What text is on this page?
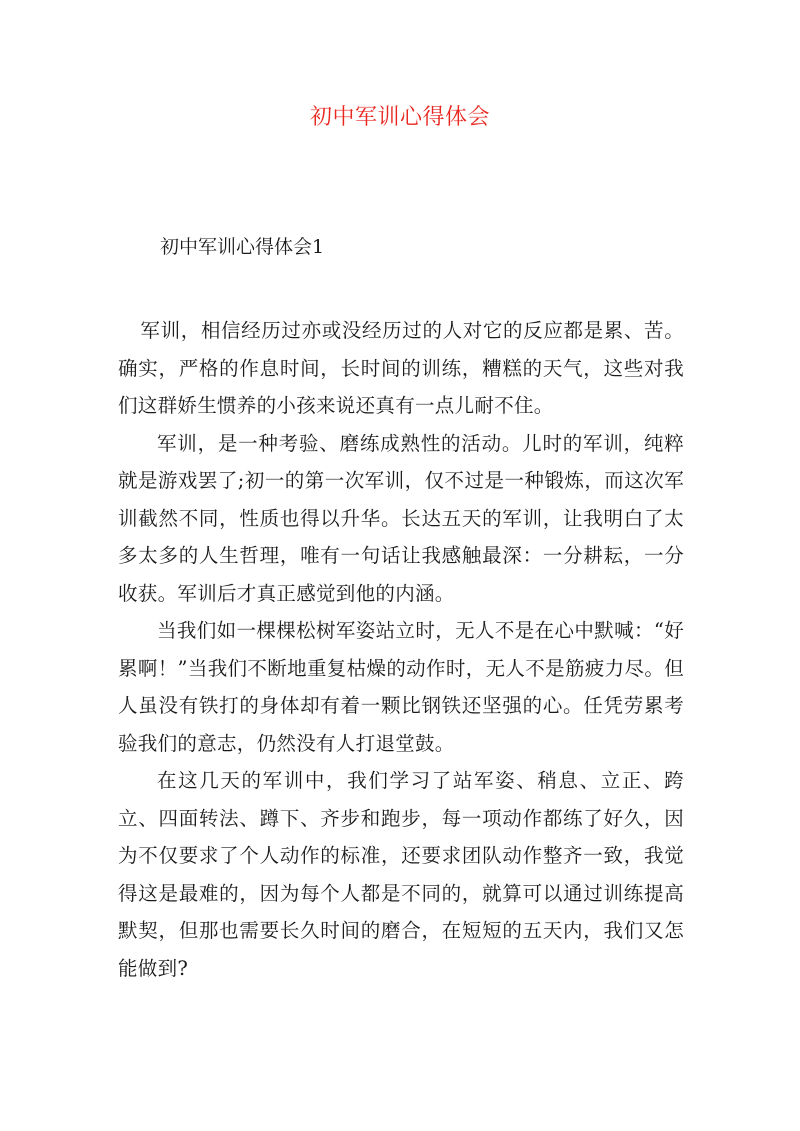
初中军训心得体会
初中军训心得体会1

军训，相信经历过亦或没经历过的人对它的反应都是累、苦。确实，严格的作息时间，长时间的训练，糟糕的天气，这些对我们这群娇生惯养的小孩来说还真有一点儿耐不住。

军训，是一种考验、磨练成熟性的活动。儿时的军训，纯粹就是游戏罢了;初一的第一次军训，仅不过是一种锻炼，而这次军训截然不同，性质也得以升华。长达五天的军训，让我明白了太多太多的人生哲理，唯有一句话让我感触最深：一分耕耘，一分收获。军训后才真正感觉到他的内涵。

当我们如一棵棵松树军姿站立时，无人不是在心中默喊：“好累啊！”当我们不断地重复枯燥的动作时，无人不是筋疲力尽。但人虽没有铁打的身体却有着一颗比钢铁还坚强的心。任凭劳累考验我们的意志，仍然没有人打退堂鼓。

在这几天的军训中，我们学习了站军姿、稍息、立正、跨立、四面转法、蹲下、齐步和跑步，每一项动作都练了好久，因为不仅要求了个人动作的标准，还要求团队动作整齐一致，我觉得这是最难的，因为每个人都是不同的，就算可以通过训练提高默契，但那也需要长久时间的磨合，在短短的五天内，我们又怎能做到?
